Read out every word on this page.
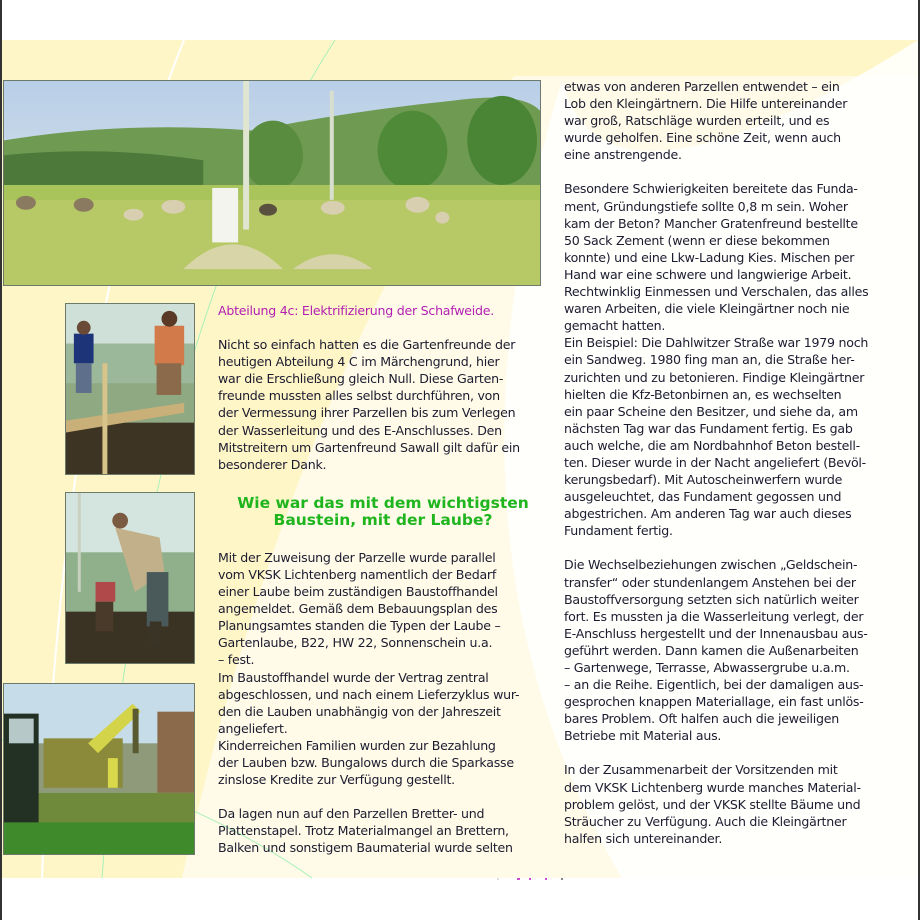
Abteilung 4c: Elektrifizierung der Schafweide.

Nicht so einfach hatten es die Gartenfreunde der

heutigen Abteilung 4 C im Märchengrund, hier

war die Erschließung gleich Null. Diese Garten-

freunde mussten alles selbst durchführen, von

der Vermessung ihrer Parzellen bis zum Verlegen

der Wasserleitung und des E-Anschlusses. Den

Mitstreitern um Gartenfreund Sawall gilt dafür ein

besonderer Dank.

Wie war das mit dem wichtigsten

Baustein, mit der Laube?

Mit der Zuweisung der Parzelle wurde parallel

vom VKSK Lichtenberg namentlich der Bedarf

einer Laube beim zuständigen Baustoffhandel

angemeldet. Gemäß dem Bebauungsplan des

Planungsamtes standen die Typen der Laube –

Gartenlaube, B22, HW 22, Sonnenschein u.a.

– fest.

Im Baustoffhandel wurde der Vertrag zentral

abgeschlossen, und nach einem Lieferzyklus wur-

den die Lauben unabhängig von der Jahreszeit

angeliefert.

Kinderreichen Familien wurden zur Bezahlung

der Lauben bzw. Bungalows durch die Sparkasse

zinslose Kredite zur Verfügung gestellt.

Da lagen nun auf den Parzellen Bretter- und

Plattenstapel. Trotz Materialmangel an Brettern,

Balken und sonstigem Baumaterial wurde selten

etwas von anderen Parzellen entwendet – ein

Lob den Kleingärtnern. Die Hilfe untereinander

war groß, Ratschläge wurden erteilt, und es

wurde geholfen. Eine schöne Zeit, wenn auch

eine anstrengende.

Besondere Schwierigkeiten bereitete das Funda-

ment, Gründungstiefe sollte 0,8 m sein. Woher

kam der Beton? Mancher Gratenfreund bestellte

50 Sack Zement (wenn er diese bekommen

konnte) und eine Lkw-Ladung Kies. Mischen per

Hand war eine schwere und langwierige Arbeit.

Rechtwinklig Einmessen und Verschalen, das alles

waren Arbeiten, die viele Kleingärtner noch nie

gemacht hatten.

Ein Beispiel: Die Dahlwitzer Straße war 1979 noch

ein Sandweg. 1980 fing man an, die Straße her-

zurichten und zu betonieren. Findige Kleingärtner

hielten die Kfz-Betonbirnen an, es wechselten

ein paar Scheine den Besitzer, und siehe da, am

nächsten Tag war das Fundament fertig. Es gab

auch welche, die am Nordbahnhof Beton bestell-

ten. Dieser wurde in der Nacht angeliefert (Bevöl-

kerungsbedarf). Mit Autoscheinwerfern wurde

ausgeleuchtet, das Fundament gegossen und

abgestrichen. Am anderen Tag war auch dieses

Fundament fertig.

Die Wechselbeziehungen zwischen „Geldschein-

transfer“ oder stundenlangem Anstehen bei der

Baustoffversorgung setzten sich natürlich weiter

fort. Es mussten ja die Wasserleitung verlegt, der

E-Anschluss hergestellt und der Innenausbau aus-

geführt werden. Dann kamen die Außenarbeiten

– Gartenwege, Terrasse, Abwassergrube u.a.m.

– an die Reihe. Eigentlich, bei der damaligen aus-

gesprochen knappen Materiallage, ein fast unlös-

bares Problem. Oft halfen auch die jeweiligen

Betriebe mit Material aus.

In der Zusammenarbeit der Vorsitzenden mit

dem VKSK Lichtenberg wurde manches Material-

problem gelöst, und der VKSK stellte Bäume und

Sträucher zu Verfügung. Auch die Kleingärtner

halfen sich untereinander.
